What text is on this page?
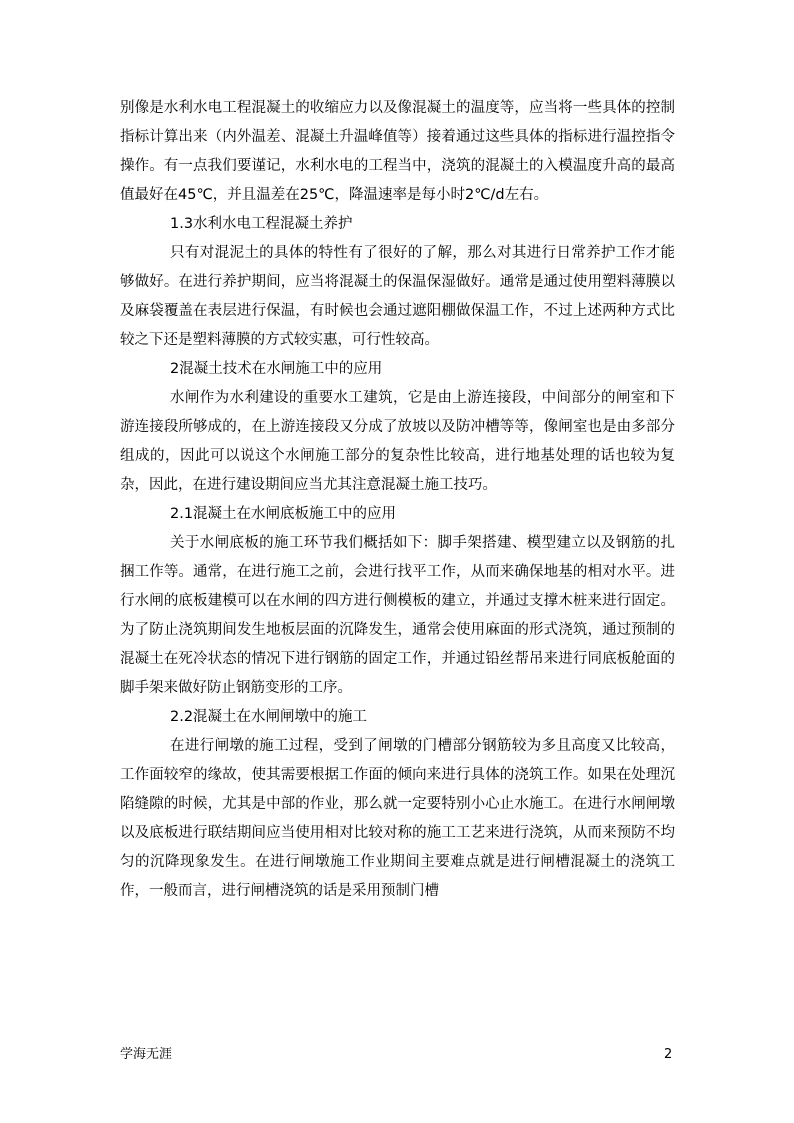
别像是水利水电工程混凝土的收缩应力以及像混凝土的温度等，应当将一些具体的控制指标计算出来（内外温差、混凝土升温峰值等）接着通过这些具体的指标进行温控指令操作。有一点我们要谨记，水利水电的工程当中，浇筑的混凝土的入模温度升高的最高值最好在45℃，并且温差在25℃，降温速率是每小时2℃/d左右。

1.3水利水电工程混凝土养护

只有对混泥土的具体的特性有了很好的了解，那么对其进行日常养护工作才能够做好。在进行养护期间，应当将混凝土的保温保湿做好。通常是通过使用塑料薄膜以及麻袋覆盖在表层进行保温，有时候也会通过遮阳棚做保温工作，不过上述两种方式比较之下还是塑料薄膜的方式较实惠，可行性较高。

2混凝土技术在水闸施工中的应用

水闸作为水利建设的重要水工建筑，它是由上游连接段，中间部分的闸室和下游连接段所够成的，在上游连接段又分成了放坡以及防冲槽等等，像闸室也是由多部分组成的，因此可以说这个水闸施工部分的复杂性比较高，进行地基处理的话也较为复杂，因此，在进行建设期间应当尤其注意混凝土施工技巧。

2.1混凝土在水闸底板施工中的应用

关于水闸底板的施工环节我们概括如下：脚手架搭建、模型建立以及钢筋的扎捆工作等。通常，在进行施工之前，会进行找平工作，从而来确保地基的相对水平。进行水闸的底板建模可以在水闸的四方进行侧模板的建立，并通过支撑木桩来进行固定。为了防止浇筑期间发生地板层面的沉降发生，通常会使用麻面的形式浇筑，通过预制的混凝土在死冷状态的情况下进行钢筋的固定工作，并通过铅丝帮吊来进行同底板舱面的脚手架来做好防止钢筋变形的工序。

2.2混凝土在水闸闸墩中的施工

在进行闸墩的施工过程，受到了闸墩的门槽部分钢筋较为多且高度又比较高，工作面较窄的缘故，使其需要根据工作面的倾向来进行具体的浇筑工作。如果在处理沉陷缝隙的时候，尤其是中部的作业，那么就一定要特别小心止水施工。在进行水闸闸墩以及底板进行联结期间应当使用相对比较对称的施工工艺来进行浇筑，从而来预防不均匀的沉降现象发生。在进行闸墩施工作业期间主要难点就是进行闸槽混凝土的浇筑工作，一般而言，进行闸槽浇筑的话是采用预制门槽

学海无涯	2
